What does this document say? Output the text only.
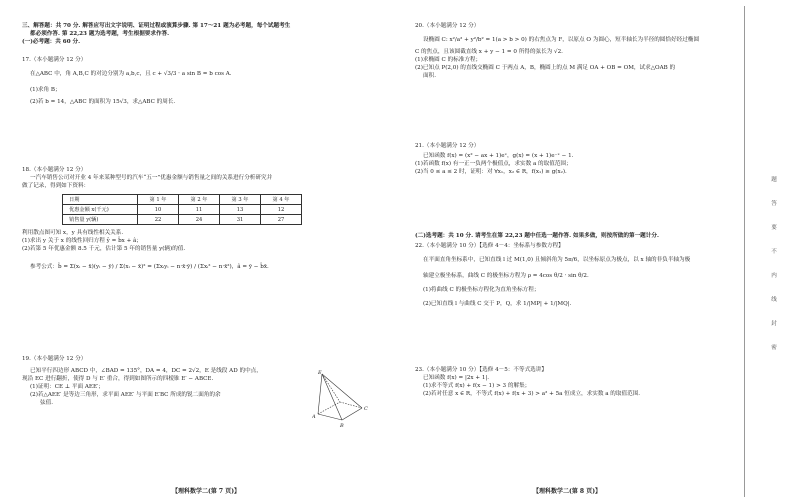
三、解答题：共 70 分. 解答应写出文字说明、证明过程或演算步骤. 第 17～21 题为必考题，每个试题考生
都必须作答. 第 22,23 题为选考题，考生根据要求作答.
(一)必考题：共 60 分.
17.（本小题满分 12 分）
在△ABC 中，角 A,B,C 的对边分别为 a,b,c，且 c + √3/3 · a sin B = b cos A.
(1)求角 B；
(2)若 b = 14，△ABC 的面积为 15√3，求△ABC 的周长.
18.（本小题满分 12 分）
一汽车销售公司对开业 4 年来某种型号的汽车“五一”优惠金额与销售量之间的关系进行分析研究并
做了记录，得到如下资料：
日期	第 1 年	第 2 年	第 3 年	第 4 年
优惠金额 x(千元)	10	11	13	12
销售量 y(辆)	22	24	31	27
利用散点图可知 x，y 具有线性相关关系.
(1)求出 y 关于 x 的线性回归方程 ŷ = b̂x + â；
(2)若第 5 年优惠金额 8.5 千元，估计第 5 年的销售量 y(辆)的值.
参考公式：b̂ = Σ(xᵢ − x̄)(yᵢ − ȳ) / Σ(xᵢ − x̄)² = (Σxᵢyᵢ − n·x̄·ȳ) / (Σxᵢ² − n·x̄²)，â = ȳ − b̂x̄.
19.（本小题满分 12 分）
已知平行四边形 ABCD 中，∠BAD = 135°，DA = 4，DC = 2√2，E 是线段 AD 的中点，
现沿 EC 进行翻折，使得 D 与 E′ 重合，得到如图所示的四棱锥 E′ − ABCE.
(1)证明：CE ⊥ 平面 AEE′；
(2)若△AEE′ 是等边三角形，求平面 AEE′ 与平面 E′BC 所成的锐二面角的余
弦值.
E
A
B
C
【理科数学二(第 7 页)】
20.（本小题满分 12 分）
设椭圆 C: x²/a² + y²/b² = 1(a > b > 0) 的右焦点为 F，以原点 O 为圆心，短半轴长为半径的圆恰好经过椭圆
C 的焦点，且该圆截直线 x + y − 1 = 0 所得的弦长为 √2.
(1)求椭圆 C 的标准方程；
(2)已知点 P(2,0) 的直线交椭圆 C 于两点 A，B，椭圆上的点 M 满足 OA + OB = OM，试求△OAB 的
面积.
21.（本小题满分 12 分）
已知函数 f(x) = (x² − ax + 1)eˣ，g(x) = (x + 1)e⁻ˣ − 1.
(1)若函数 f(x) 有一正一负两个极值点，求实数 a 的取值范围；
(2)当 0 ≤ a ≤ 2 时，证明：对 ∀x₁，x₂ ∈ R，f(x₁) ≥ g(x₂).
(二)选考题：共 10 分. 请考生在第 22,23 题中任选一题作答. 如果多做，则按所做的第一题计分.
22.（本小题满分 10 分）【选修 4－4：坐标系与参数方程】
在平面直角坐标系中，已知直线 l 过 M(1,0) 且倾斜角为 5π/6，以坐标原点为极点，以 x 轴的非负半轴为极
轴建立极坐标系，曲线 C 的极坐标方程为 ρ = 4cos θ/2 · sin θ/2.
(1)将曲线 C 的极坐标方程化为直角坐标方程；
(2)已知直线 l 与曲线 C 交于 P，Q，求 1/|MP| + 1/|MQ|.
23.（本小题满分 10 分）【选修 4－5：不等式选讲】
已知函数 f(x) = |2x + 1|.
(1)求不等式 f(x) + f(x − 1) > 3 的解集；
(2)若对任意 x ∈ R，不等式 f(x) + f(x + 3) > a² + 5a 恒成立，求实数 a 的取值范围.
【理科数学二(第 8 页)】
题
答
要
不
内
线
封
密
